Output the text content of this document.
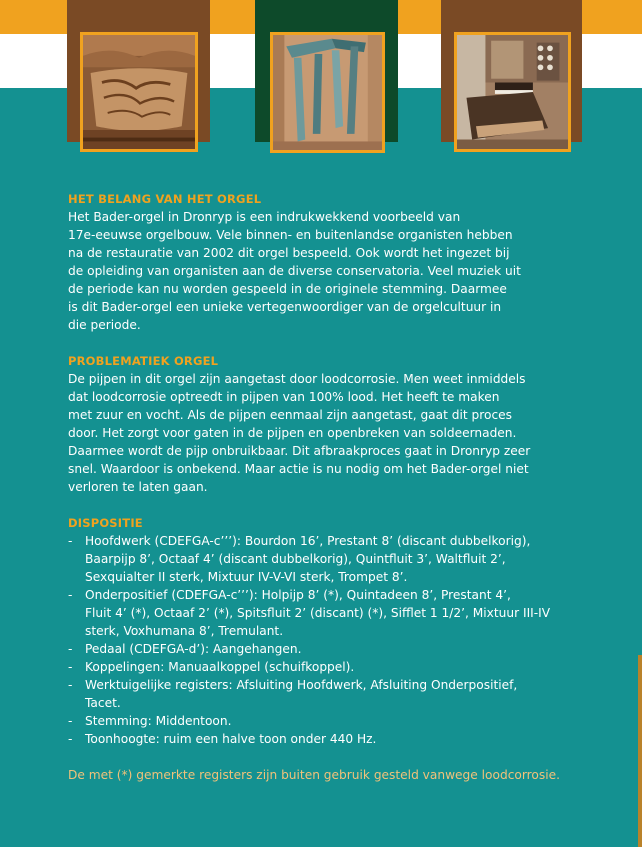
HET BELANG VAN HET ORGEL

Het Bader-orgel in Dronryp is een indrukwekkend voorbeeld van
17e-eeuwse orgelbouw. Vele binnen- en buitenlandse organisten hebben
na de restauratie van 2002 dit orgel bespeeld. Ook wordt het ingezet bij
de opleiding van organisten aan de diverse conservatoria. Veel muziek uit
de periode kan nu worden gespeeld in de originele stemming. Daarmee
is dit Bader-orgel een unieke vertegenwoordiger van de orgelcultuur in
die periode.

PROBLEMATIEK ORGEL

De pijpen in dit orgel zijn aangetast door loodcorrosie. Men weet inmiddels
dat loodcorrosie optreedt in pijpen van 100% lood. Het heeft te maken
met zuur en vocht. Als de pijpen eenmaal zijn aangetast, gaat dit proces
door. Het zorgt voor gaten in de pijpen en openbreken van soldeernaden.
Daarmee wordt de pijp onbruikbaar. Dit afbraakproces gaat in Dronryp zeer
snel. Waardoor is onbekend. Maar actie is nu nodig om het Bader-orgel niet
verloren te laten gaan.

DISPOSITIE
- Hoofdwerk (CDEFGA-c’’’): Bourdon 16’, Prestant 8’ (discant dubbelkorig),
Baarpijp 8’, Octaaf 4’ (discant dubbelkorig), Quintfluit 3’, Waltfluit 2’,
Sexquialter II sterk, Mixtuur IV-V-VI sterk, Trompet 8’.
- Onderpositief (CDEFGA-c’’’): Holpijp 8’ (*), Quintadeen 8’, Prestant 4’,
Fluit 4’ (*), Octaaf 2’ (*), Spitsfluit 2’ (discant) (*), Sifflet 1 1/2’, Mixtuur III-IV
sterk, Voxhumana 8’, Tremulant.
- Pedaal (CDEFGA-d’): Aangehangen.
- Koppelingen: Manuaalkoppel (schuifkoppel).
- Werktuigelijke registers: Afsluiting Hoofdwerk, Afsluiting Onderpositief,
Tacet.
- Stemming: Middentoon.
- Toonhoogte: ruim een halve toon onder 440 Hz.

De met (*) gemerkte registers zijn buiten gebruik gesteld vanwege loodcorrosie.
